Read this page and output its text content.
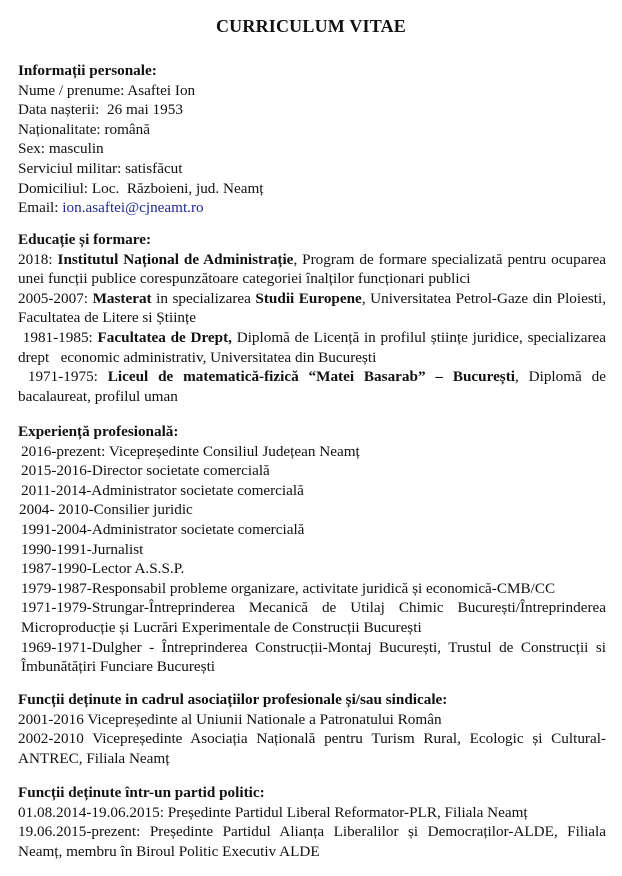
CURRICULUM VITAE
Informații personale:
Nume / prenume: Asaftei Ion
Data nașterii:  26 mai 1953
Naționalitate: română
Sex: masculin
Serviciul militar: satisfăcut
Domiciliul: Loc.  Războieni, jud. Neamț
Email: ion.asaftei@cjneamt.ro
Educație și formare:
2018: Institutul Național de Administrație, Program de formare specializată pentru ocuparea unei funcții publice corespunzătoare categoriei înalților funcționari publici
2005-2007: Masterat in specializarea Studii Europene, Universitatea Petrol-Gaze din Ploiesti, Facultatea de Litere si Științe
1981-1985: Facultatea de Drept, Diplomă de Licență in profilul științe juridice, specializarea drept   economic administrativ, Universitatea din București
1971-1975: Liceul de matematică-fizică “Matei Basarab” – București, Diplomă de bacalaureat, profilul uman
Experiență profesională:
2016-prezent: Vicepreședinte Consiliul Județean Neamț
2015-2016-Director societate comercială
2011-2014-Administrator societate comercială
2004- 2010-Consilier juridic
1991-2004-Administrator societate comercială
1990-1991-Jurnalist
1987-1990-Lector A.S.S.P.
1979-1987-Responsabil probleme organizare, activitate juridică și economică-CMB/CC
1971-1979-Strungar-Întreprinderea Mecanică de Utilaj Chimic București/Întreprinderea Microproducție și Lucrări Experimentale de Construcții București
1969-1971-Dulgher - Întreprinderea Construcții-Montaj București, Trustul de Construcții si Îmbunătățiri Funciare București
Funcții deținute in cadrul asociațiilor profesionale și/sau sindicale:
2001-2016 Vicepreședinte al Uniunii Nationale a Patronatului Român
2002-2010 Vicepreședinte Asociația Națională pentru Turism Rural, Ecologic și Cultural-ANTREC, Filiala Neamț
Funcții deținute într-un partid politic:
01.08.2014-19.06.2015: Președinte Partidul Liberal Reformator-PLR, Filiala Neamț
19.06.2015-prezent: Președinte Partidul Alianța Liberalilor și Democraților-ALDE, Filiala Neamț, membru în Biroul Politic Executiv ALDE
